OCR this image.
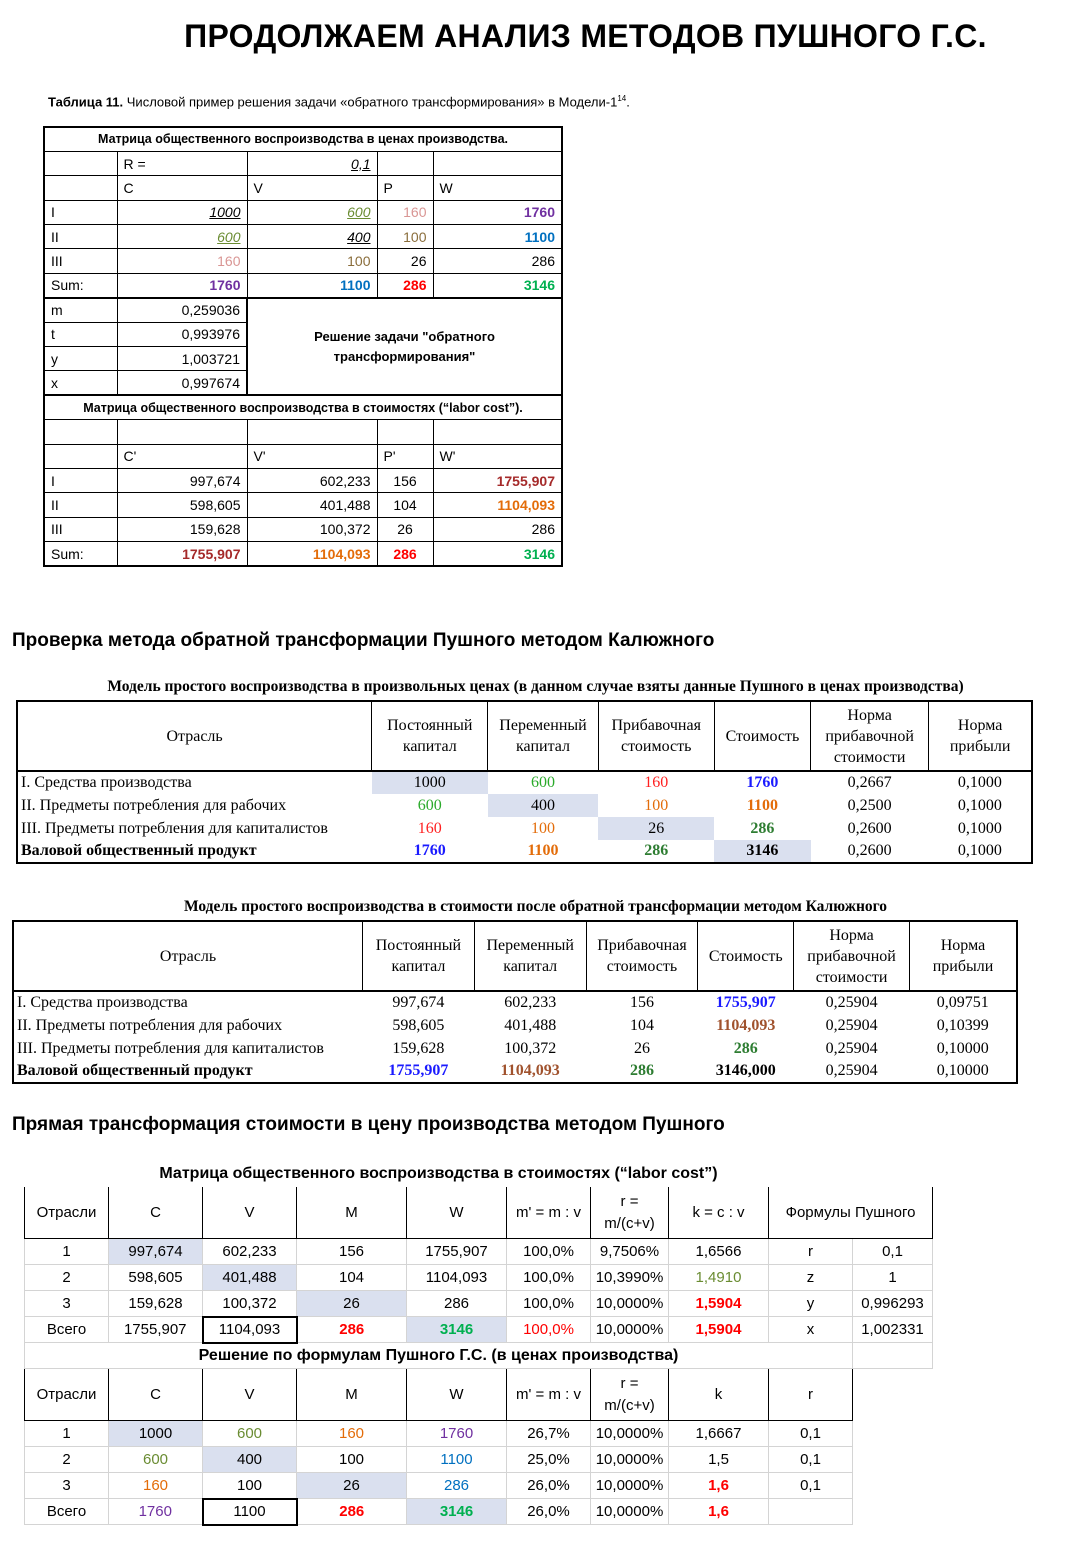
ПРОДОЛЖАЕМ АНАЛИЗ МЕТОДОВ ПУШНОГО Г.С.
Таблица 11. Числовой пример решения задачи «обратного трансформирования» в Модели-$1^{14}$.
Матрица общественного воспроизводства в ценах производства.				
	R =	0,1		
	C	V	P	W
I	1000	600	160	1760
II	600	400	100	1100
III	160	100	26	286
Sum:	1760	1100	286	3146
m	0,259036	Решение задачи "обратного трансформирования"		
t	0,993976			
y	1,003721			
x	0,997674			
Матрица общественного воспроизводства в стоимостях (“labor cost”).				

	C'	V'	P'	W'
I	997,674	602,233	156	1755,907
II	598,605	401,488	104	1104,093
III	159,628	100,372	26	286
Sum:	1755,907	1104,093	286	3146
Проверка метода обратной трансформации Пушного методом Калюжного
Модель простого воспроизводства в произвольных ценах (в данном случае взяты данные Пушного в ценах производства)
Отрасль	Постоянный капитал	Переменный капитал	Прибавочная стоимость	Стоимость	Норма прибавочной стоимости	Норма прибыли
I. Средства производства	1000	600	160	1760	0,2667	0,1000
II. Предметы потребления для рабочих	600	400	100	1100	0,2500	0,1000
III. Предметы потребления для капиталистов	160	100	26	286	0,2600	0,1000
Валовой общественный продукт	1760	1100	286	3146	0,2600	0,1000
Модель простого воспроизводства в стоимости после обратной трансформации методом Калюжного
Отрасль	Постоянный капитал	Переменный капитал	Прибавочная стоимость	Стоимость	Норма прибавочной стоимости	Норма прибыли
I. Средства производства	997,674	602,233	156	1755,907	0,25904	0,09751
II. Предметы потребления для рабочих	598,605	401,488	104	1104,093	0,25904	0,10399
III. Предметы потребления для капиталистов	159,628	100,372	26	286	0,25904	0,10000
Валовой общественный продукт	1755,907	1104,093	286	3146,000	0,25904	0,10000
Прямая трансформация стоимости в цену производства методом Пушного
Матрица общественного воспроизводства в стоимостях (“labor cost”)									
Отрасли	C	V	M	W	m' = m : v	r = m/(c+v)	k = c : v	Формулы Пушного	
1	997,674	602,233	156	1755,907	100,0%	9,7506%	1,6566	r	0,1
2	598,605	401,488	104	1104,093	100,0%	10,3990%	1,4910	z	1
3	159,628	100,372	26	286	100,0%	10,0000%	1,5904	y	0,996293
Всего	1755,907	1104,093	286	3146	100,0%	10,0000%	1,5904	x	1,002331
Решение по формулам Пушного Г.С. (в ценах производства)									
Отрасли	C	V	M	W	m' = m : v	r = m/(c+v)	k	r	
1	1000	600	160	1760	26,7%	10,0000%	1,6667	0,1	
2	600	400	100	1100	25,0%	10,0000%	1,5	0,1	
3	160	100	26	286	26,0%	10,0000%	1,6	0,1	
Всего	1760	1100	286	3146	26,0%	10,0000%	1,6		
